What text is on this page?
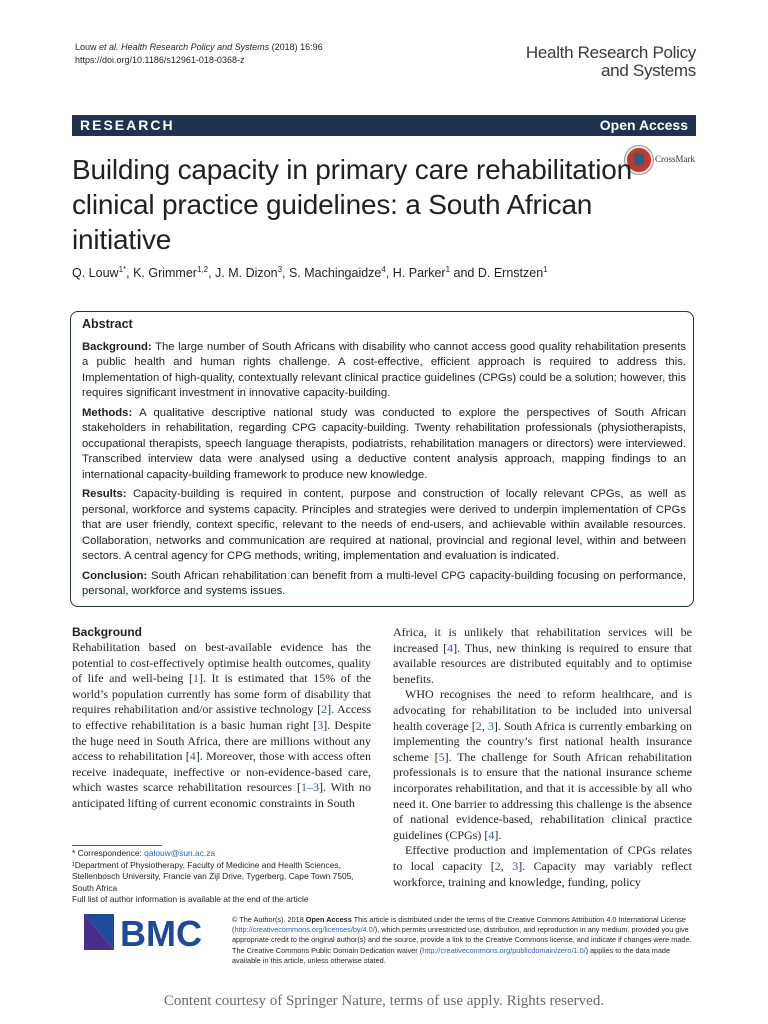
Louw et al. Health Research Policy and Systems (2018) 16:96
https://doi.org/10.1186/s12961-018-0368-z	Health Research Policy
and Systems
RESEARCH	Open Access
CrossMark
Building capacity in primary care rehabilitation clinical practice guidelines: a South African initiative
Q. Louw$^{1*}$, K. Grimmer$^{1,2}$, J. M. Dizon$^3$, S. Machingaidze$^4$, H. Parker$^1$ and D. Ernstzen$^1$
Abstract

Background: The large number of South Africans with disability who cannot access good quality rehabilitation presents a public health and human rights challenge. A cost-effective, efficient approach is required to address this. Implementation of high-quality, contextually relevant clinical practice guidelines (CPGs) could be a solution; however, this requires significant investment in innovative capacity-building.

Methods: A qualitative descriptive national study was conducted to explore the perspectives of South African stakeholders in rehabilitation, regarding CPG capacity-building. Twenty rehabilitation professionals (physiotherapists, occupational therapists, speech language therapists, podiatrists, rehabilitation managers or directors) were interviewed. Transcribed interview data were analysed using a deductive content analysis approach, mapping findings to an international capacity-building framework to produce new knowledge.

Results: Capacity-building is required in content, purpose and construction of locally relevant CPGs, as well as personal, workforce and systems capacity. Principles and strategies were derived to underpin implementation of CPGs that are user friendly, context specific, relevant to the needs of end-users, and achievable within available resources. Collaboration, networks and communication are required at national, provincial and regional level, within and between sectors. A central agency for CPG methods, writing, implementation and evaluation is indicated.

Conclusion: South African rehabilitation can benefit from a multi-level CPG capacity-building focusing on performance, personal, workforce and systems issues.

Background

Rehabilitation based on best-available evidence has the potential to cost-effectively optimise health outcomes, quality of life and well-being [1]. It is estimated that 15% of the world’s population currently has some form of disability that requires rehabilitation and/or assistive technology [2]. Access to effective rehabilitation is a basic human right [3]. Despite the huge need in South Africa, there are millions without any access to rehabilitation [4]. Moreover, those with access often receive inadequate, ineffective or non-evidence-based care, which wastes scarce rehabilitation resources [1–3]. With no anticipated lifting of current economic constraints in South

Africa, it is unlikely that rehabilitation services will be increased [4]. Thus, new thinking is required to ensure that available resources are distributed equitably and to optimise benefits.

WHO recognises the need to reform healthcare, and is advocating for rehabilitation to be included into universal health coverage [2, 3]. South Africa is currently embarking on implementing the country’s first national health insurance scheme [5]. The challenge for South African rehabilitation professionals is to ensure that the national insurance scheme incorporates rehabilitation, and that it is accessible by all who need it. One barrier to addressing this challenge is the absence of national evidence-based, rehabilitation clinical practice guidelines (CPGs) [4].

Effective production and implementation of CPGs relates to local capacity [2, 3]. Capacity may variably reflect workforce, training and knowledge, funding, policy

* Correspondence: qalouw@sun.ac.za
¹Department of Physiotherapy, Faculty of Medicine and Health Sciences, Stellenbosch University, Francie van Zijl Drive, Tygerberg, Cape Town 7505, South Africa
Full list of author information is available at the end of the article
BMC	© The Author(s). 2018 Open Access This article is distributed under the terms of the Creative Commons Attribution 4.0 International License (http://creativecommons.org/licenses/by/4.0/), which permits unrestricted use, distribution, and reproduction in any medium, provided you give appropriate credit to the original author(s) and the source, provide a link to the Creative Commons license, and indicate if changes were made. The Creative Commons Public Domain Dedication waiver (http://creativecommons.org/publicdomain/zero/1.0/) applies to the data made available in this article, unless otherwise stated.
Content courtesy of Springer Nature, terms of use apply. Rights reserved.
